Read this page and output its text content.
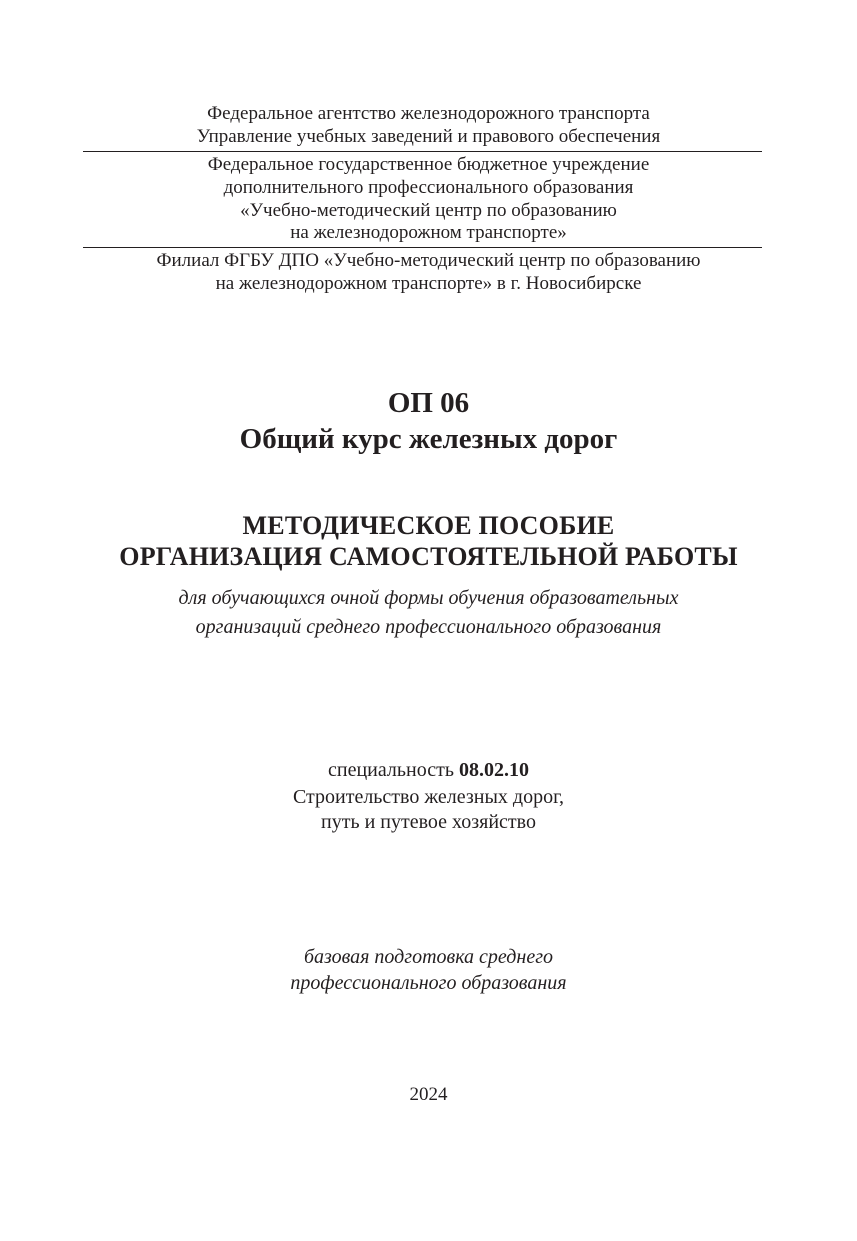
Федеральное агентство железнодорожного транспорта
Управление учебных заведений и правового обеспечения
Федеральное государственное бюджетное учреждение
дополнительного профессионального образования
«Учебно-методический центр по образованию
на железнодорожном транспорте»
Филиал ФГБУ ДПО «Учебно-методический центр по образованию
на железнодорожном транспорте» в г. Новосибирске
ОП 06
Общий курс железных дорог
МЕТОДИЧЕСКОЕ ПОСОБИЕ
ОРГАНИЗАЦИЯ САМОСТОЯТЕЛЬНОЙ РАБОТЫ
для обучающихся очной формы обучения образовательных
организаций среднего профессионального образования
специальность 08.02.10
Строительство железных дорог,
путь и путевое хозяйство
базовая подготовка среднего
профессионального образования
2024
